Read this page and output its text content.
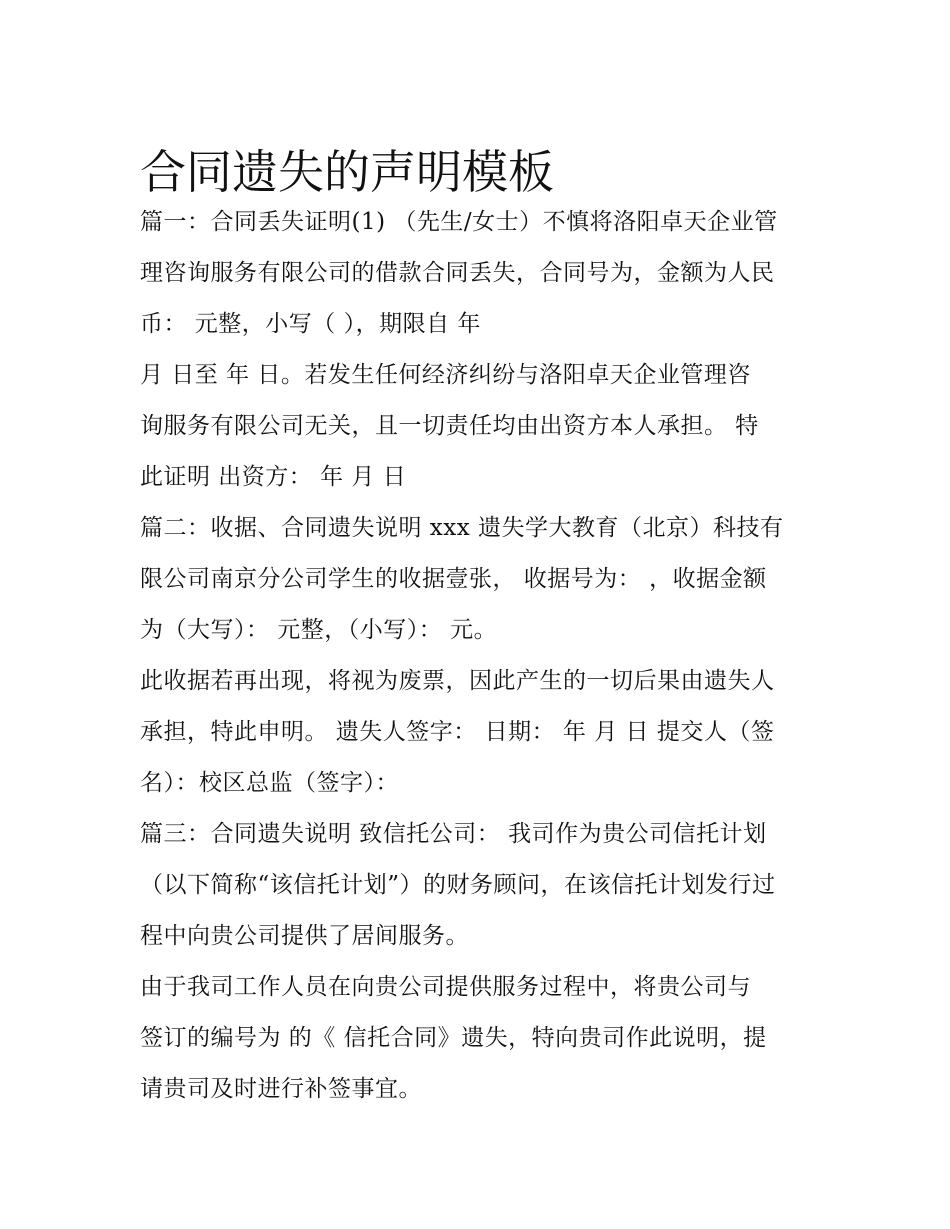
合同遗失的声明模板
篇一：合同丢失证明(1) （先生/女士）不慎将洛阳卓天企业管
理咨询服务有限公司的借款合同丢失，合同号为，金额为人民
币： 元整，小写（ ），期限自 年
月 日至 年 日。若发生任何经济纠纷与洛阳卓天企业管理咨
询服务有限公司无关，且一切责任均由出资方本人承担。 特
此证明 出资方： 年 月 日
篇二：收据、合同遗失说明 xxx 遗失学大教育（北京）科技有
限公司南京分公司学生的收据壹张， 收据号为： ，收据金额
为（大写）： 元整，（小写）： 元。
此收据若再出现，将视为废票，因此产生的一切后果由遗失人
承担，特此申明。 遗失人签字： 日期： 年 月 日 提交人（签
名）：校区总监（签字）：
篇三：合同遗失说明 致信托公司： 我司作为贵公司信托计划
（以下简称“该信托计划”）的财务顾问，在该信托计划发行过
程中向贵公司提供了居间服务。
由于我司工作人员在向贵公司提供服务过程中，将贵公司与
签订的编号为 的《 信托合同》遗失，特向贵司作此说明，提
请贵司及时进行补签事宜。
